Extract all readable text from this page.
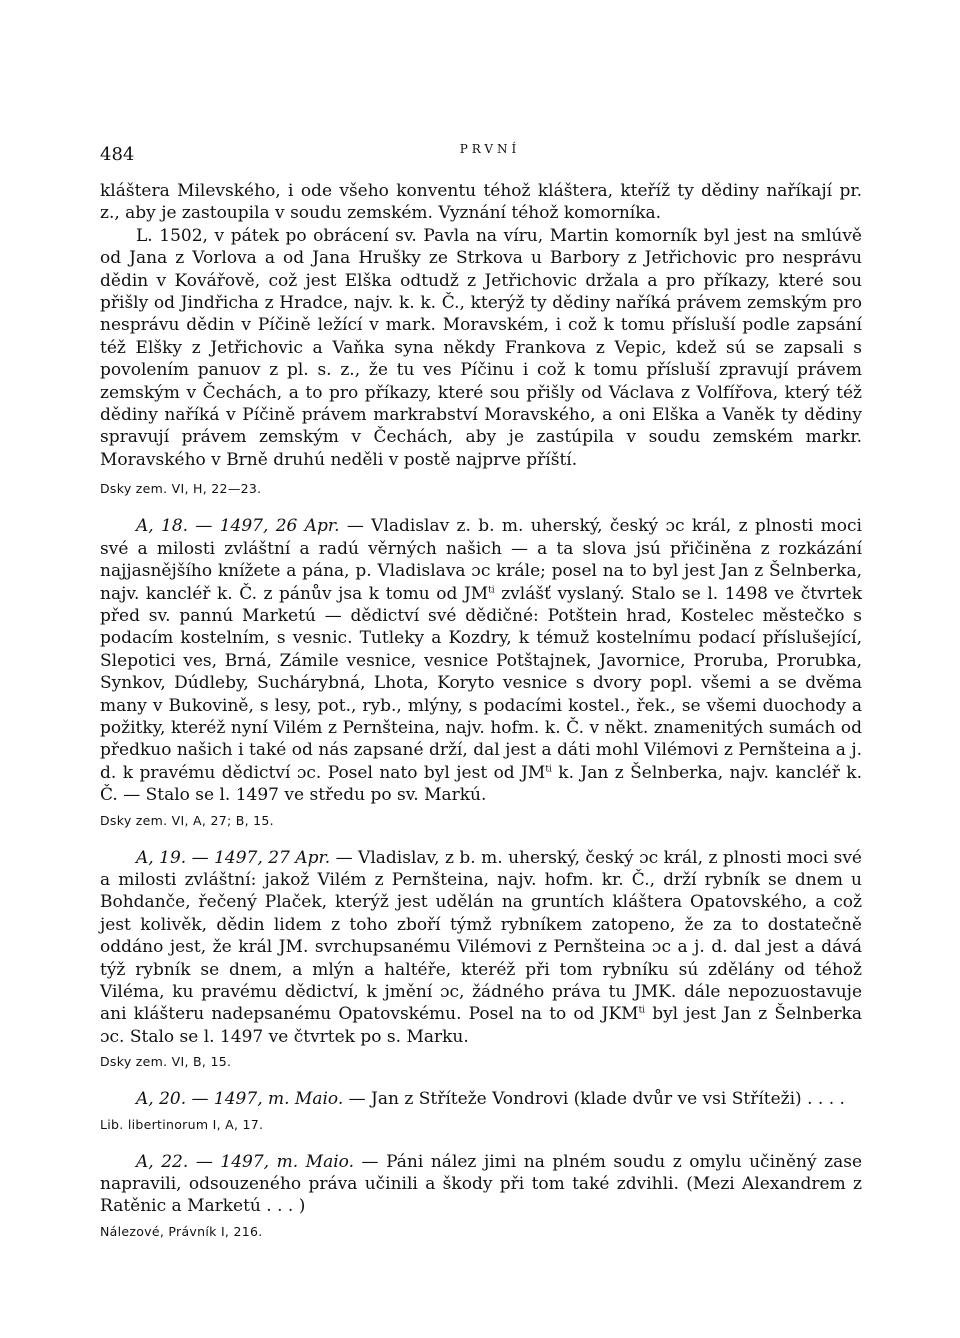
484	PRVNÍ

kláštera Milevského, i ode všeho konventu téhož kláštera, kteříž ty dědiny naříkají pr. z., aby je zastoupila v soudu zemském. Vyznání téhož komorníka.

L. 1502, v pátek po obrácení sv. Pavla na víru, Martin komorník byl jest na smlúvě od Jana z Vorlova a od Jana Hrušky ze Strkova u Barbory z Jetřichovic pro nesprávu dědin v Kovářově, což jest Elška odtudž z Jetřichovic držala a pro příkazy, které sou přišly od Jindřicha z Hradce, najv. k. k. Č., kterýž ty dědiny naříká právem zemským pro nesprávu dědin v Píčině ležící v mark. Moravském, i což k tomu přísluší podle zapsání též Elšky z Jetřichovic a Vaňka syna někdy Frankova z Vepic, kdež sú se zapsali s povolením panuov z pl. s. z., že tu ves Píčinu i což k tomu přísluší zpravují právem zemským v Čechách, a to pro příkazy, které sou přišly od Václava z Volfířova, který též dědiny naříká v Píčině právem markrabství Moravského, a oni Elška a Vaněk ty dědiny spravují právem zemským v Čechách, aby je zastúpila v soudu zemském markr. Moravského v Brně druhú neděli v postě najprve příští.

Dsky zem. VI, H, 22—23.

A, 18. — 1497, 26 Apr. — Vladislav z. b. m. uherský, český ɔc král, z plnosti moci své a milosti zvláštní a radú věrných našich — a ta slova jsú přičiněna z rozkázání najjasnějšího knížete a pána, p. Vladislava ɔc krále; posel na to byl jest Jan z Šelnberka, najv. kancléř k. Č. z pánův jsa k tomu od $JM^{ti}$ zvlášť vyslaný. Stalo se l. 1498 ve čtvrtek před sv. pannú Marketú — dědictví své dědičné: Potštein hrad, Kostelec městečko s podacím kostelním, s vesnic. Tutleky a Kozdry, k témuž kostelnímu podací příslušející, Slepotici ves, Brná, Zámile vesnice, vesnice Potštajnek, Javornice, Proruba, Prorubka, Synkov, Dúdleby, Suchárybná, Lhota, Koryto vesnice s dvory popl. všemi a se dvěma many v Bukovině, s lesy, pot., ryb., mlýny, s podacími kostel., řek., se všemi duochody a požitky, kteréž nyní Vilém z Pernšteina, najv. hofm. k. Č. v někt. znamenitých sumách od předkuo našich i také od nás zapsané drží, dal jest a dáti mohl Vilémovi z Pernšteina a j. d. k pravému dědictví ɔc. Posel nato byl jest od $JM^{ti}$ k. Jan z Šelnberka, najv. kancléř k. Č. — Stalo se l. 1497 ve středu po sv. Markú.

Dsky zem. VI, A, 27; B, 15.

A, 19. — 1497, 27 Apr. — Vladislav, z b. m. uherský, český ɔc král, z plnosti moci své a milosti zvláštní: jakož Vilém z Pernšteina, najv. hofm. kr. Č., drží rybník se dnem u Bohdanče, řečený Plaček, kterýž jest udělán na gruntích kláštera Opatovského, a což jest kolivěk, dědin lidem z toho zboří týmž rybníkem zatopeno, že za to dostatečně oddáno jest, že král JM. svrchupsanému Vilémovi z Pernšteina ɔc a j. d. dal jest a dává týž rybník se dnem, a mlýn a haltéře, kteréž při tom rybníku sú zdělány od téhož Viléma, ku pravému dědictví, k jmění ɔc, žádného práva tu JMK. dále nepozuostavuje ani klášteru nadepsanému Opatovskému. Posel na to od $JKM^{ti}$ byl jest Jan z Šelnberka ɔc. Stalo se l. 1497 ve čtvrtek po s. Marku.

Dsky zem. VI, B, 15.

A, 20. — 1497, m. Maio. — Jan z Stříteže Vondrovi (klade dvůr ve vsi Stříteži) . . . .

Lib. libertinorum I, A, 17.

A, 22. — 1497, m. Maio. — Páni nález jimi na plném soudu z omylu učiněný zase napravili, odsouzeného práva učinili a škody při tom také zdvihli. (Mezi Alexandrem z Ratěnic a Marketú . . . )

Nálezové, Právník I, 216.
